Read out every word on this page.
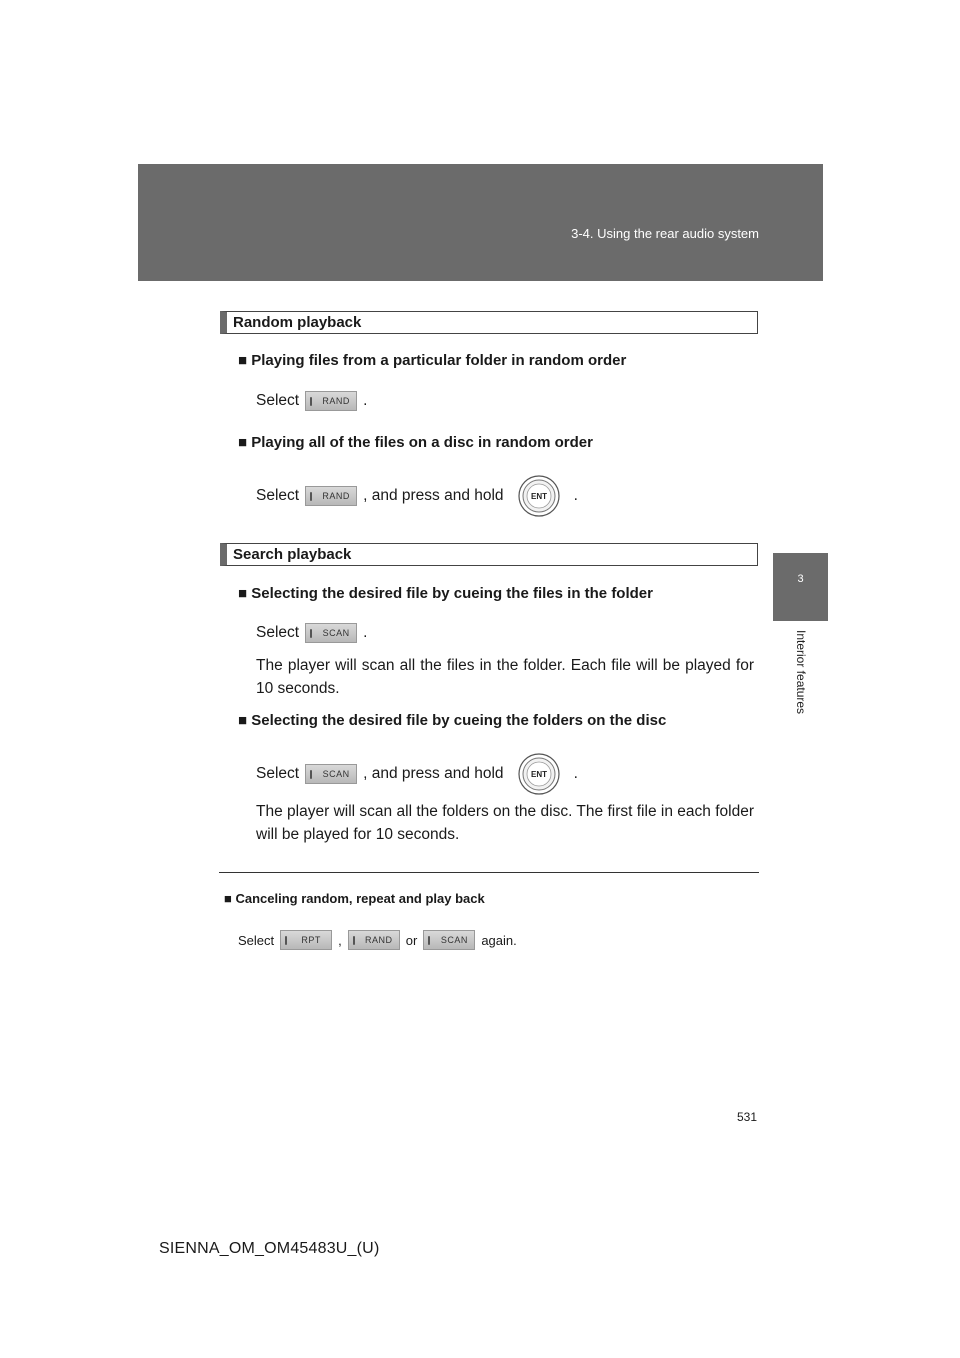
3-4. Using the rear audio system
3
Interior features
Random playback
■ Playing files from a particular folder in random order
Select	RAND .
■ Playing all of the files on a disc in random order
Select	RAND , and press and hold	ENT .
Search playback
■ Selecting the desired file by cueing the files in the folder
Select	SCAN .
The player will scan all the files in the folder. Each file will be played for 10 seconds.
■ Selecting the desired file by cueing the folders on the disc
Select	SCAN , and press and hold	ENT .
The player will scan all the folders on the disc. The first file in each folder will be played for 10 seconds.
■ Canceling random, repeat and play back
Select	RPT	,	RAND	or	SCAN	again.
531
SIENNA_OM_OM45483U_(U)
